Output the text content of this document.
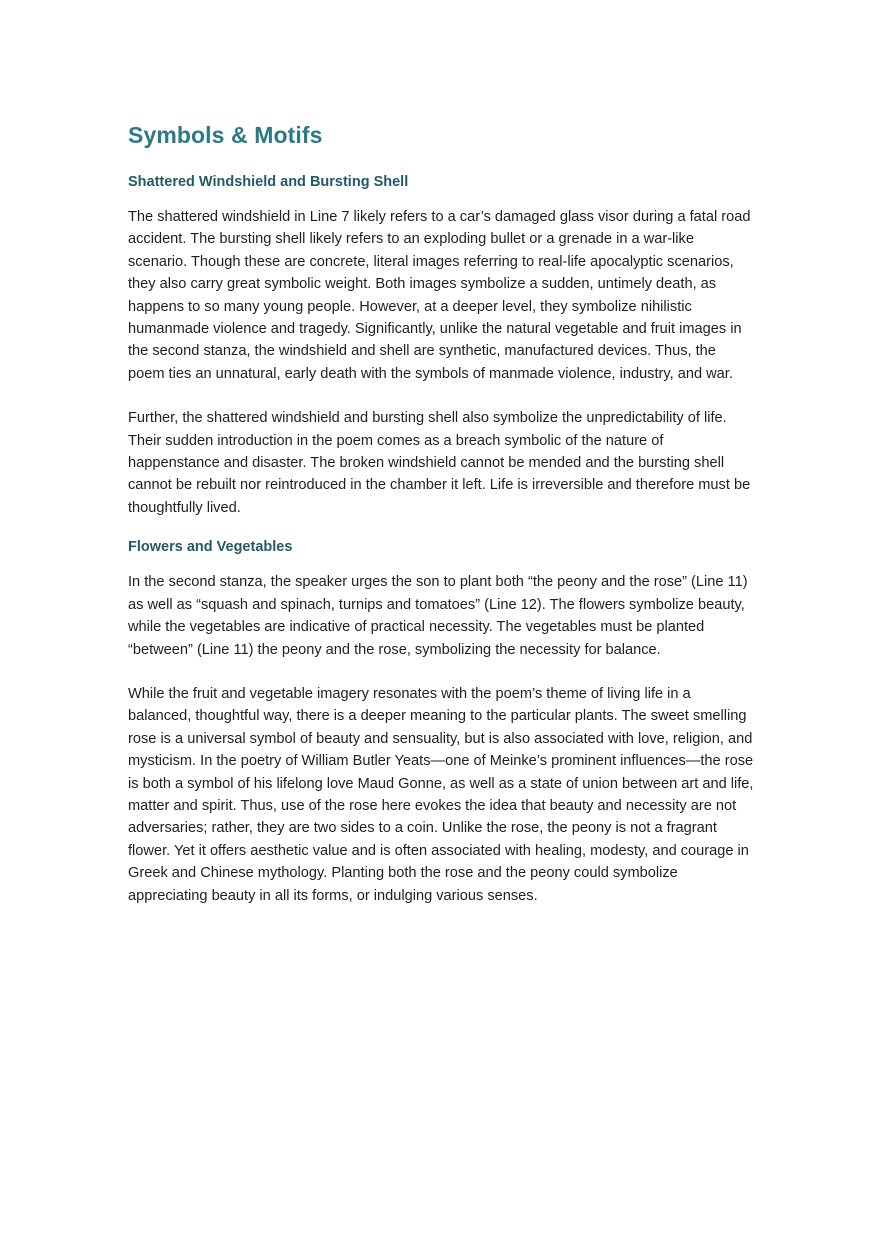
Symbols & Motifs
Shattered Windshield and Bursting Shell

The shattered windshield in Line 7 likely refers to a car’s damaged glass visor during a fatal road accident. The bursting shell likely refers to an exploding bullet or a grenade in a war-like scenario. Though these are concrete, literal images referring to real-life apocalyptic scenarios, they also carry great symbolic weight. Both images symbolize a sudden, untimely death, as happens to so many young people. However, at a deeper level, they symbolize nihilistic humanmade violence and tragedy. Significantly, unlike the natural vegetable and fruit images in the second stanza, the windshield and shell are synthetic, manufactured devices. Thus, the poem ties an unnatural, early death with the symbols of manmade violence, industry, and war.

Further, the shattered windshield and bursting shell also symbolize the unpredictability of life. Their sudden introduction in the poem comes as a breach symbolic of the nature of happenstance and disaster. The broken windshield cannot be mended and the bursting shell cannot be rebuilt nor reintroduced in the chamber it left. Life is irreversible and therefore must be thoughtfully lived.

Flowers and Vegetables

In the second stanza, the speaker urges the son to plant both “the peony and the rose” (Line 11) as well as “squash and spinach, turnips and tomatoes” (Line 12). The flowers symbolize beauty, while the vegetables are indicative of practical necessity. The vegetables must be planted “between” (Line 11) the peony and the rose, symbolizing the necessity for balance.

While the fruit and vegetable imagery resonates with the poem’s theme of living life in a balanced, thoughtful way, there is a deeper meaning to the particular plants. The sweet smelling rose is a universal symbol of beauty and sensuality, but is also associated with love, religion, and mysticism. In the poetry of William Butler Yeats—one of Meinke’s prominent influences—the rose is both a symbol of his lifelong love Maud Gonne, as well as a state of union between art and life, matter and spirit. Thus, use of the rose here evokes the idea that beauty and necessity are not adversaries; rather, they are two sides to a coin. Unlike the rose, the peony is not a fragrant flower. Yet it offers aesthetic value and is often associated with healing, modesty, and courage in Greek and Chinese mythology. Planting both the rose and the peony could symbolize appreciating beauty in all its forms, or indulging various senses.
